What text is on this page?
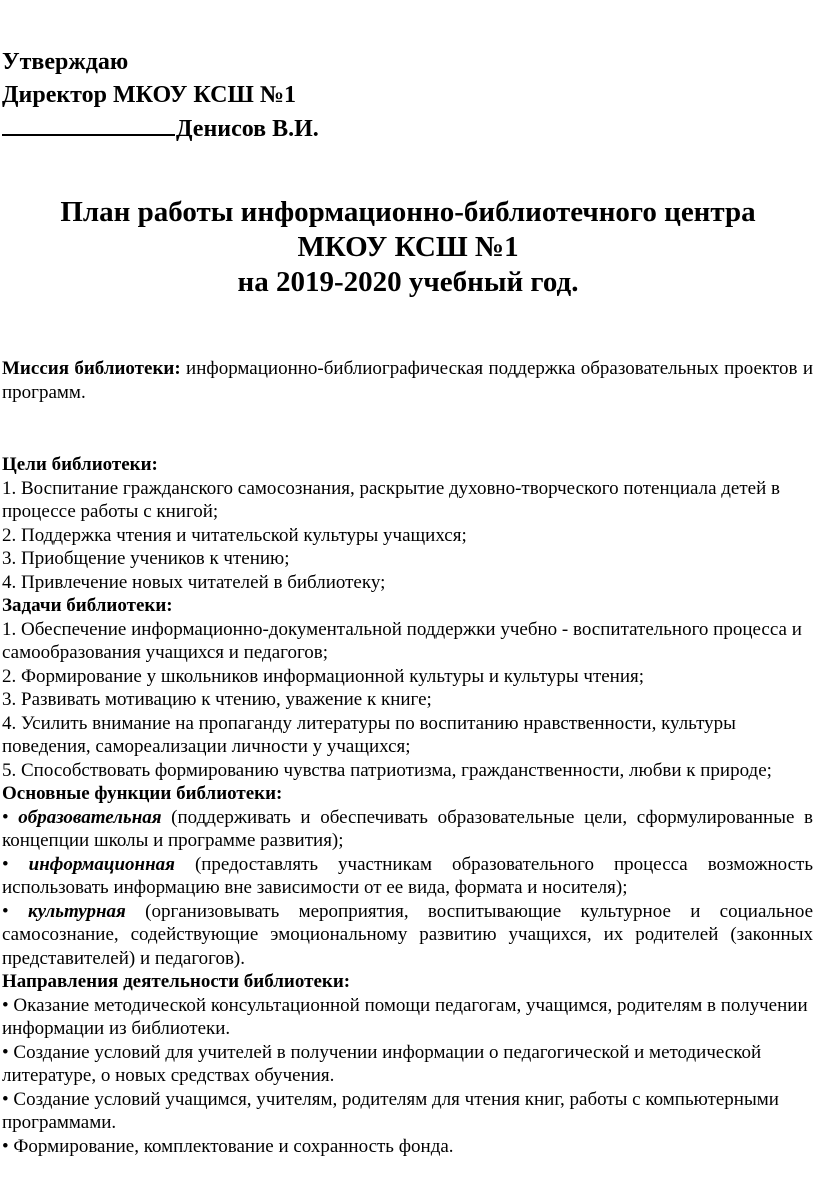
Утверждаю
Директор МКОУ КСШ №1
Денисов В.И.
План работы информационно-библиотечного центра
МКОУ КСШ №1
на 2019-2020 учебный год.

Миссия библиотеки: информационно-библиографическая поддержка образовательных проектов и программ.

Цели библиотеки:

1. Воспитание гражданского самосознания, раскрытие духовно-творческого потенциала детей в процессе работы с книгой;

2. Поддержка чтения и читательской культуры учащихся;

3. Приобщение учеников к чтению;

4. Привлечение новых читателей в библиотеку;

Задачи библиотеки:

1. Обеспечение информационно-документальной поддержки учебно - воспитательного процесса и самообразования учащихся и педагогов;

2. Формирование у школьников информационной культуры и культуры чтения;

3. Развивать мотивацию к чтению, уважение к книге;

4. Усилить внимание на пропаганду литературы по воспитанию нравственности, культуры поведения, самореализации личности у учащихся;

5. Способствовать формированию чувства патриотизма, гражданственности, любви к природе;

Основные функции библиотеки:

• образовательная (поддерживать и обеспечивать образовательные цели, сформулированные в концепции школы и программе развития);

• информационная (предоставлять участникам образовательного процесса возможность использовать информацию вне зависимости от ее вида, формата и носителя);

• культурная (организовывать мероприятия, воспитывающие культурное и социальное самосознание, содействующие эмоциональному развитию учащихся, их родителей (законных представителей) и педагогов).

Направления деятельности библиотеки:

• Оказание методической консультационной помощи педагогам, учащимся, родителям в получении информации из библиотеки.

• Создание условий для учителей в получении информации о педагогической и методической литературе, о новых средствах обучения.

• Создание условий учащимся, учителям, родителям для чтения книг, работы с компьютерными программами.

• Формирование, комплектование и сохранность фонда.
